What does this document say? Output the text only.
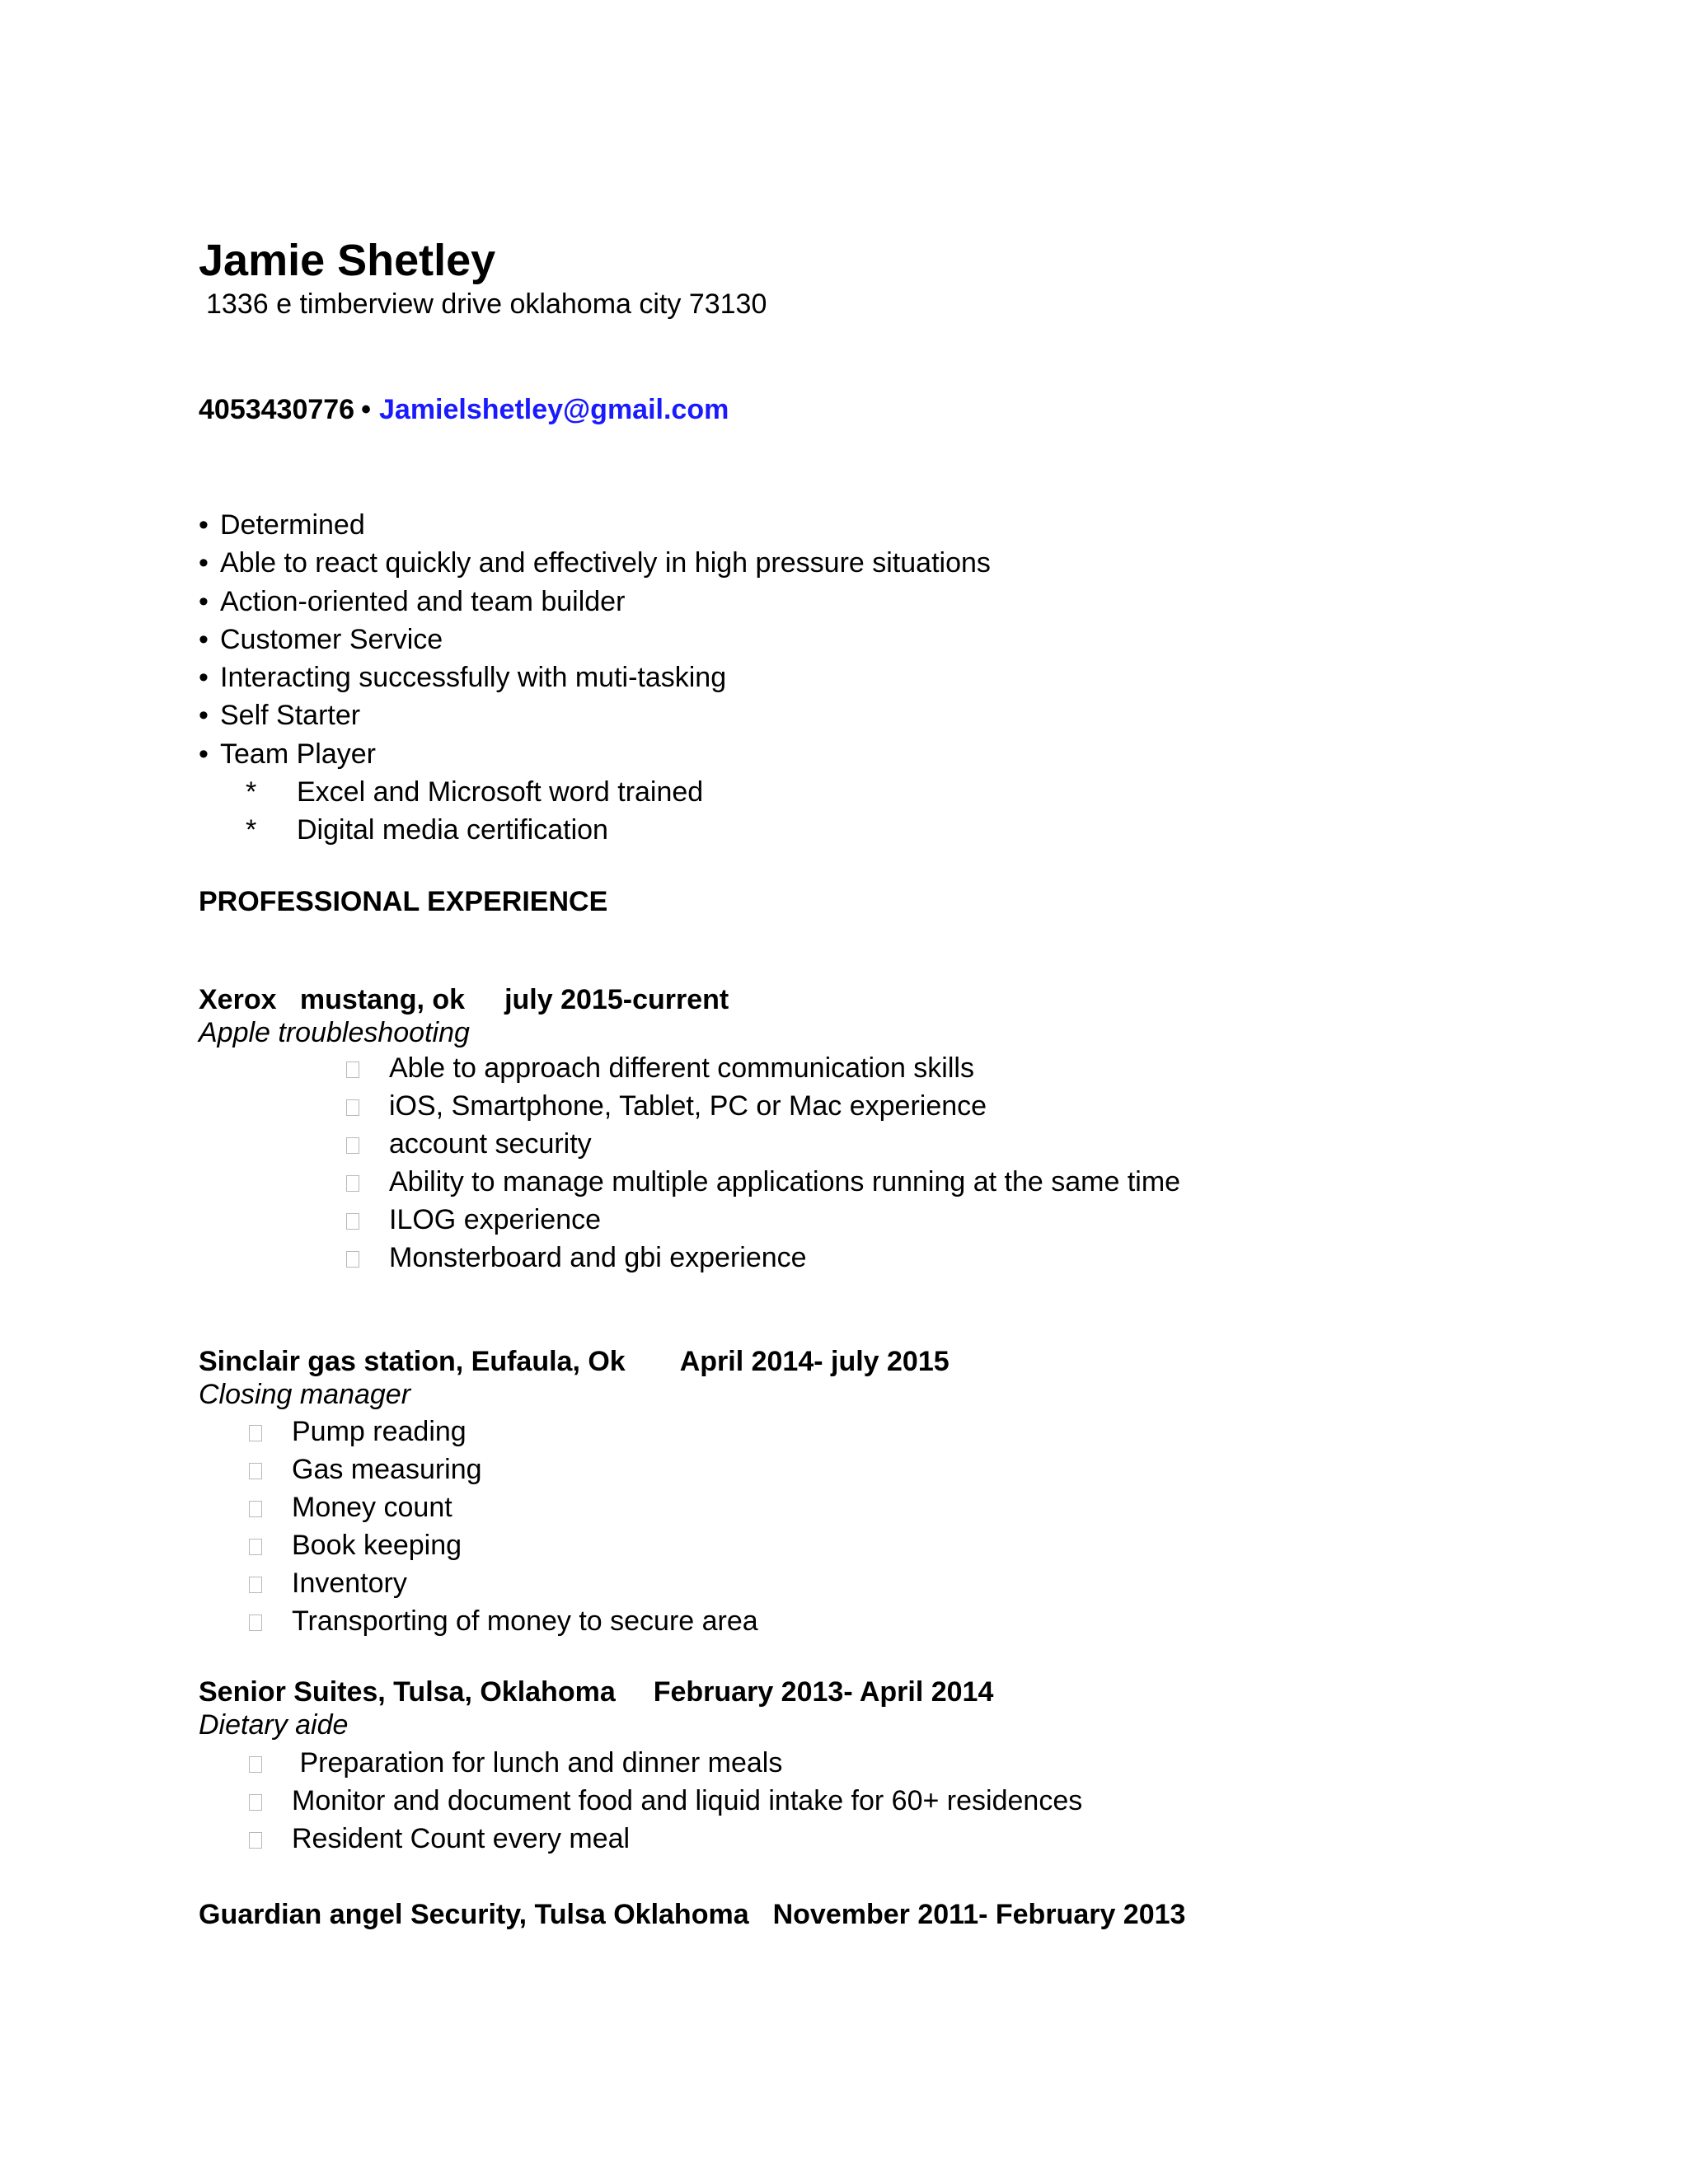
Jamie Shetley
1336 e timberview drive oklahoma city 73130
4053430776 • Jamielshetley@gmail.com
• Determined
• Able to react quickly and effectively in high pressure situations
• Action-oriented and team builder
• Customer Service
• Interacting successfully with muti-tasking
• Self Starter
• Team Player
* Excel and Microsoft word trained
* Digital media certification
PROFESSIONAL EXPERIENCE
Xerox   mustang, ok july 2015-current
Apple troubleshooting
Able to approach different communication skills
iOS, Smartphone, Tablet, PC or Mac experience
account security
Ability to manage multiple applications running at the same time
ILOG experience
Monsterboard and gbi experience
Sinclair gas station, Eufaula, Ok April 2014- july 2015
Closing manager
Pump reading
Gas measuring
Money count
Book keeping
Inventory
Transporting of money to secure area
Senior Suites, Tulsa, Oklahoma February 2013- April 2014
Dietary aide
Preparation for lunch and dinner meals
Monitor and document food and liquid intake for 60+ residences
Resident Count every meal
Guardian angel Security, Tulsa Oklahoma November 2011- February 2013
